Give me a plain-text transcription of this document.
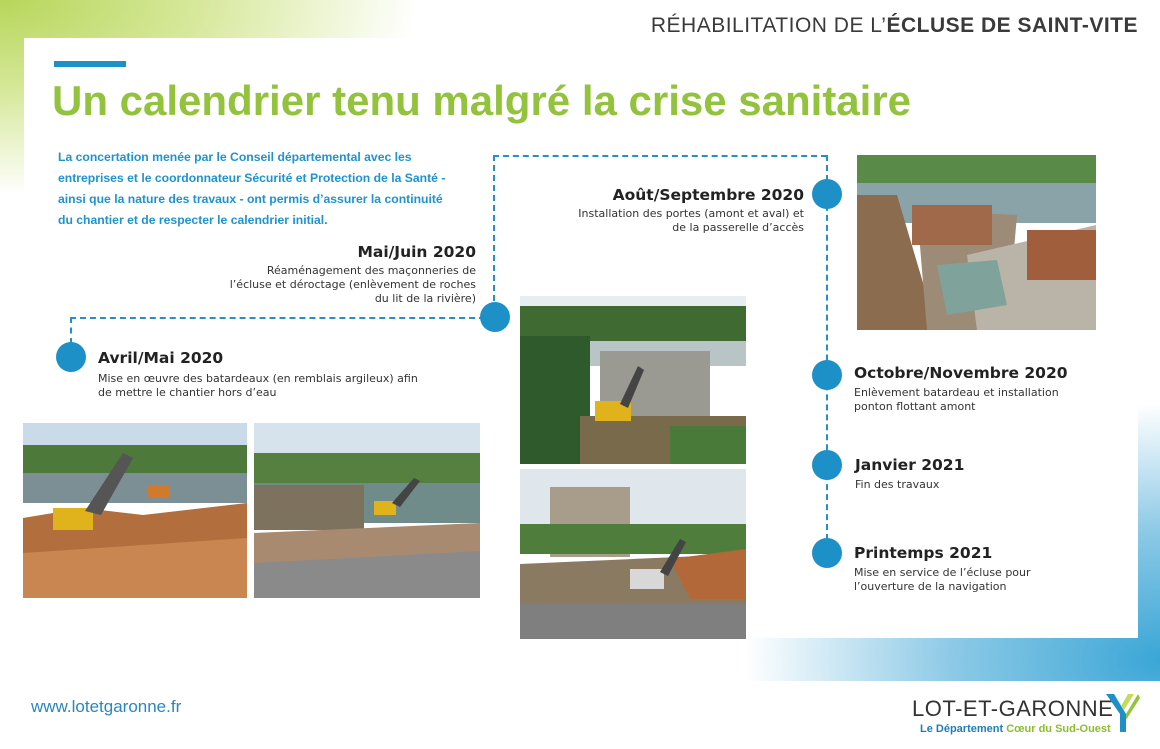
RÉHABILITATION DE L’ÉCLUSE DE SAINT-VITE
Un calendrier tenu malgré la crise sanitaire
La concertation menée par le Conseil départemental avec les entreprises et le coordonnateur Sécurité et Protection de la Santé - ainsi que la nature des travaux - ont permis d’assurer la continuité du chantier et de respecter le calendrier initial.
Avril/Mai 2020
Mise en œuvre des batardeaux (en remblais argileux) afin de mettre le chantier hors d’eau
Mai/Juin 2020
Réaménagement des maçonneries de l’écluse et déroctage (enlèvement de roches du lit de la rivière)
Août/Septembre 2020
Installation des portes (amont et aval) et de la passerelle d’accès
Octobre/Novembre 2020
Enlèvement batardeau et installation ponton flottant amont
Janvier 2021
Fin des travaux
Printemps 2021
Mise en service de l’écluse pour l’ouverture de la navigation
www.lotetgaronne.fr	LOT-ET-GARONNE
Le Département Cœur du Sud-Ouest
